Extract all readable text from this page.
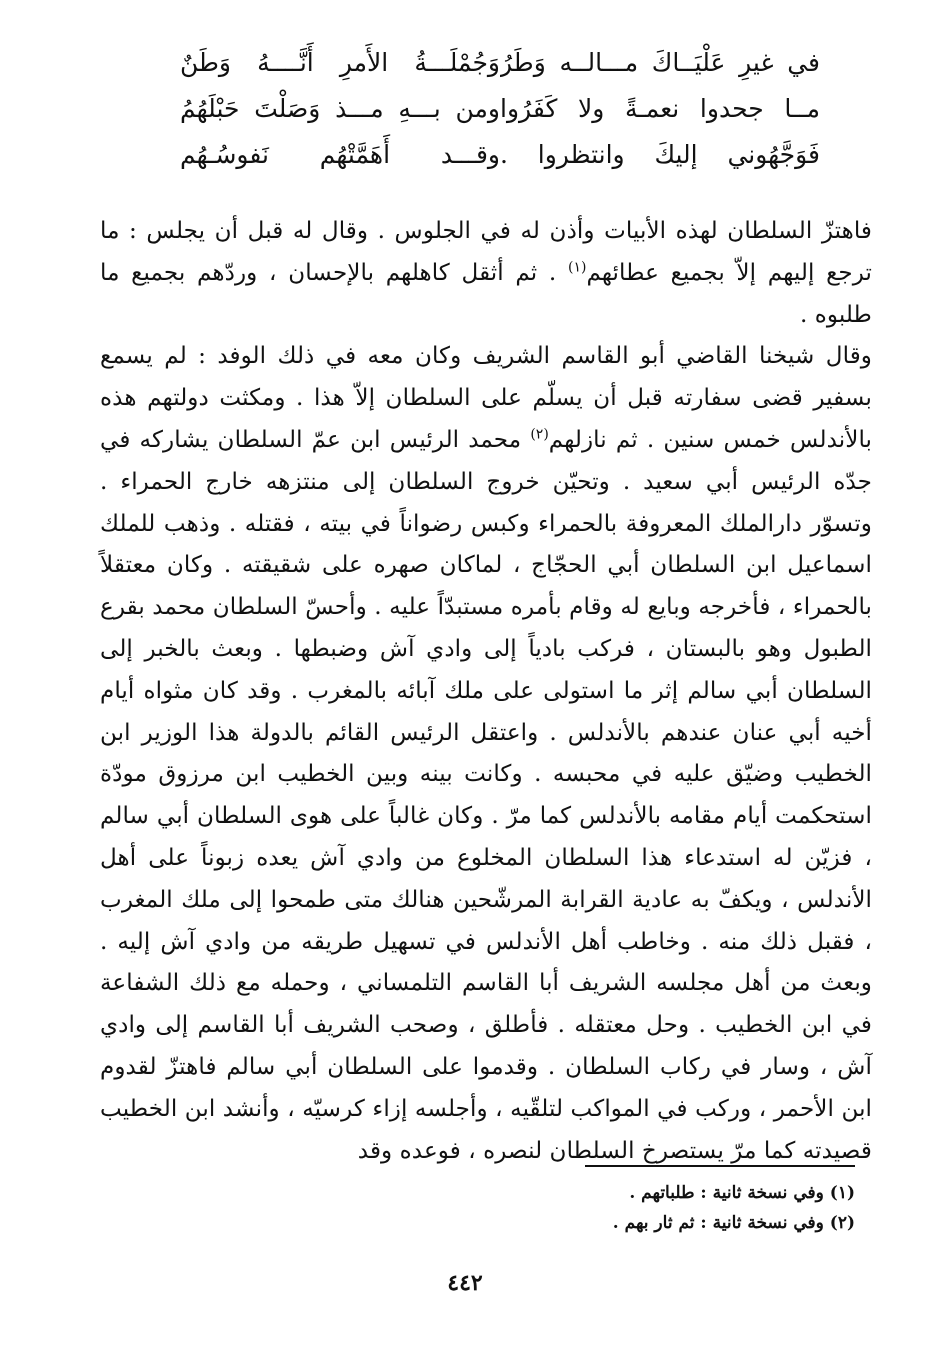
وَجُمْلَـــةُ الأَمرِ أَنَّــــهُ وَطَنٌ في غيرِ عَلْيَــاكَ مـــالــه وَطَرُ
ومن بـــهِ مـــذ وَصَلْتَ حَبْلَهُمُ مــا جحدوا نعمـةً ولا كَفَرُوا
وقـــد أَهَمَّتْهُم نَفوسُـهُم فَوَجَّهُوني إليكَ وانتظروا .

فاهتزّ السلطان لهذه الأبيات وأذن له في الجلوس . وقال له قبل أن يجلس : ما ترجع إليهم إلاّ بجميع عطائهم$^{(١)}$ . ثم أثقل كاهلهم بالإحسان ، وردّهم بجميع ما طلبوه .

وقال شيخنا القاضي أبو القاسم الشريف وكان معه في ذلك الوفد : لم يسمع بسفير قضى سفارته قبل أن يسلّم على السلطان إلاّ هذا . ومكثت دولتهم هذه بالأندلس خمس سنين . ثم نازلهم$^{(٢)}$ محمد الرئيس ابن عمّ السلطان يشاركه في جدّه الرئيس أبي سعيد . وتحيّن خروج السلطان إلى منتزهه خارج الحمراء . وتسوّر دارالملك المعروفة بالحمراء وكبس رضواناً في بيته ، فقتله . وذهب للملك اسماعيل ابن السلطان أبي الحجّاج ، لماكان صهره على شقيقته . وكان معتقلاً بالحمراء ، فأخرجه وبايع له وقام بأمره مستبدّاً عليه . وأحسّ السلطان محمد بقرع الطبول وهو بالبستان ، فركب بادياً إلى وادي آش وضبطها . وبعث بالخبر إلى السلطان أبي سالم إثر ما استولى على ملك آبائه بالمغرب . وقد كان مثواه أيام أخيه أبي عنان عندهم بالأندلس . واعتقل الرئيس القائم بالدولة هذا الوزير ابن الخطيب وضيّق عليه في محبسه . وكانت بينه وبين الخطيب ابن مرزوق مودّة استحكمت أيام مقامه بالأندلس كما مرّ . وكان غالباً على هوى السلطان أبي سالم ، فزيّن له استدعاء هذا السلطان المخلوع من وادي آش يعده زبوناً على أهل الأندلس ، ويكفّ به عادية القرابة المرشّحين هنالك متى طمحوا إلى ملك المغرب ، فقبل ذلك منه . وخاطب أهل الأندلس في تسهيل طريقه من وادي آش إليه . وبعث من أهل مجلسه الشريف أبا القاسم التلمساني ، وحمله مع ذلك الشفاعة في ابن الخطيب . وحل معتقله . فأطلق ، وصحب الشريف أبا القاسم إلى وادي آش ، وسار في ركاب السلطان . وقدموا على السلطان أبي سالم فاهتزّ لقدوم ابن الأحمر ، وركب في المواكب لتلقّيه ، وأجلسه إزاء كرسيّه ، وأنشد ابن الخطيب قصيدته كما مرّ يستصرخ السلطان لنصره ، فوعده وقد

(١) وفي نسخة ثانية : طلباتهم .
(٢) وفي نسخة ثانية : ثم ثار بهم .
٤٤٢
